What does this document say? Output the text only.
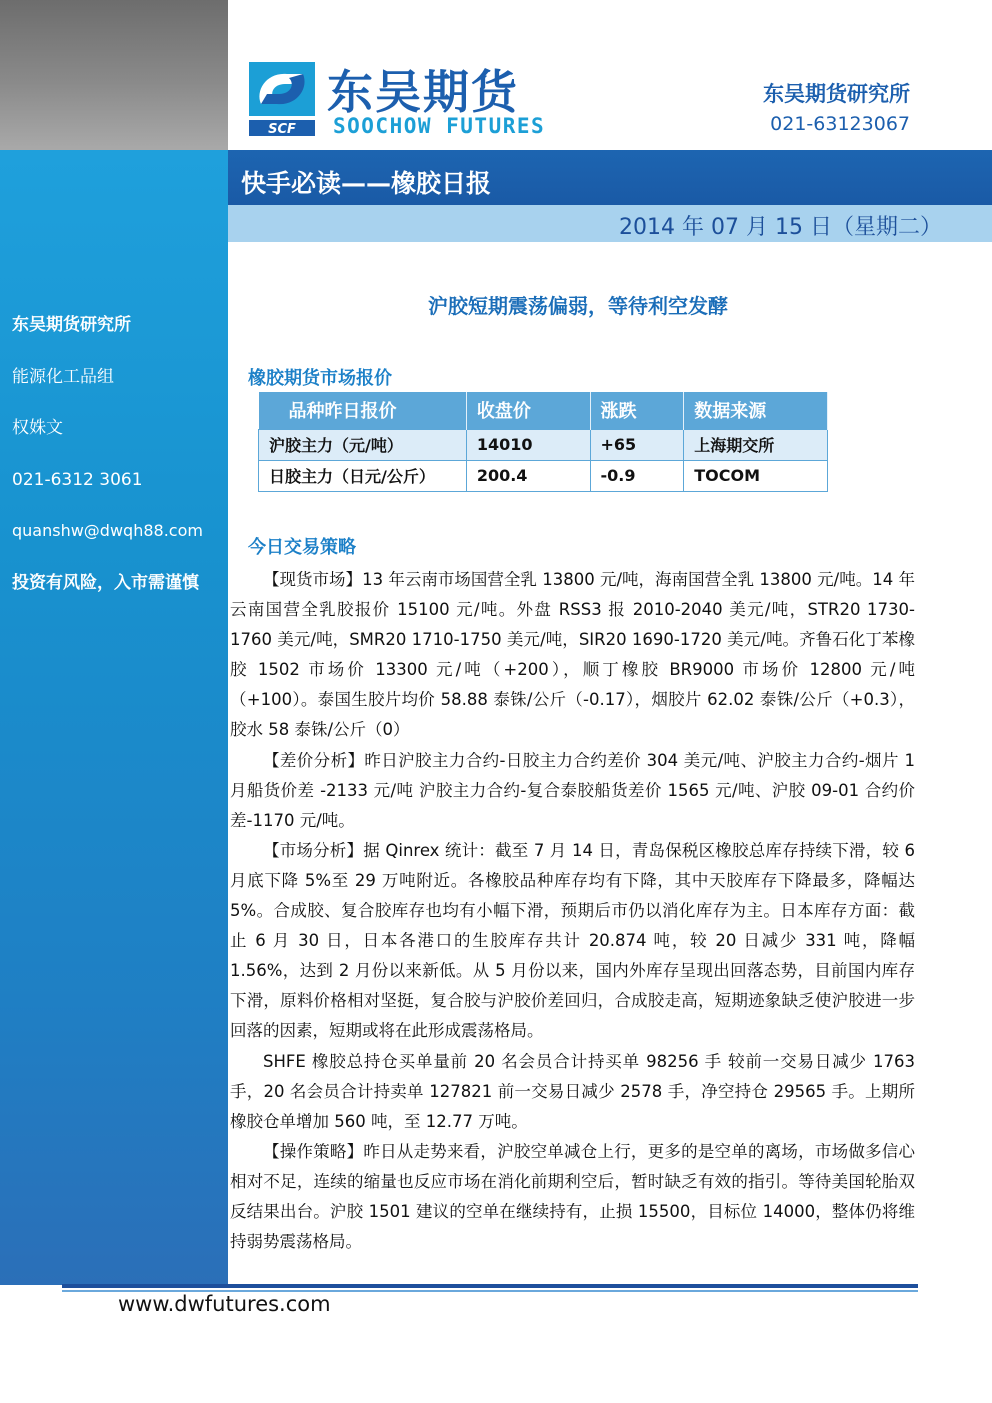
东吴期货研究所
能源化工品组
权姝文
021-6312 3061
quanshw@dwqh88.com
投资有风险，入市需谨慎
SCF
东吴期货
SOOCHOW FUTURES
东吴期货研究所
021-63123067
快手必读——橡胶日报
2014 年 07 月 15 日（星期二）
沪胶短期震荡偏弱，等待利空发酵
橡胶期货市场报价
品种昨日报价	收盘价	涨跌	数据来源
沪胶主力（元/吨）	14010	+65	上海期交所
日胶主力（日元/公斤）	200.4	-0.9	TOCOM
今日交易策略

【现货市场】13 年云南市场国营全乳 13800 元/吨，海南国营全乳 13800 元/吨。14 年云南国营全乳胶报价 15100 元/吨。外盘 RSS3 报 2010-2040 美元/吨，STR20 1730-1760 美元/吨，SMR20 1710-1750 美元/吨，SIR20 1690-1720 美元/吨。齐鲁石化丁苯橡胶 1502 市场价 13300 元/吨（+200），顺丁橡胶 BR9000 市场价 12800 元/吨（+100）。泰国生胶片均价 58.88 泰铢/公斤（-0.17），烟胶片 62.02 泰铢/公斤（+0.3），胶水 58 泰铢/公斤（0）

【差价分析】昨日沪胶主力合约-日胶主力合约差价 304 美元/吨、沪胶主力合约-烟片 1 月船货价差 -2133 元/吨 沪胶主力合约-复合泰胶船货差价 1565 元/吨、沪胶 09-01 合约价差-1170 元/吨。

【市场分析】据 Qinrex 统计：截至 7 月 14 日，青岛保税区橡胶总库存持续下滑，较 6 月底下降 5%至 29 万吨附近。各橡胶品种库存均有下降，其中天胶库存下降最多，降幅达 5%。合成胶、复合胶库存也均有小幅下滑，预期后市仍以消化库存为主。日本库存方面：截止 6 月 30 日，日本各港口的生胶库存共计 20.874 吨，较 20 日减少 331 吨，降幅 1.56%，达到 2 月份以来新低。从 5 月份以来，国内外库存呈现出回落态势，目前国内库存下滑，原料价格相对坚挺，复合胶与沪胶价差回归，合成胶走高，短期迹象缺乏使沪胶进一步回落的因素，短期或将在此形成震荡格局。

SHFE 橡胶总持仓买单量前 20 名会员合计持买单 98256 手 较前一交易日减少 1763 手，20 名会员合计持卖单 127821 前一交易日减少 2578 手，净空持仓 29565 手。上期所橡胶仓单增加 560 吨，至 12.77 万吨。

【操作策略】昨日从走势来看，沪胶空单减仓上行，更多的是空单的离场，市场做多信心相对不足，连续的缩量也反应市场在消化前期利空后，暂时缺乏有效的指引。等待美国轮胎双反结果出台。沪胶 1501 建议的空单在继续持有，止损 15500，目标位 14000，整体仍将维持弱势震荡格局。

www.dwfutures.com
